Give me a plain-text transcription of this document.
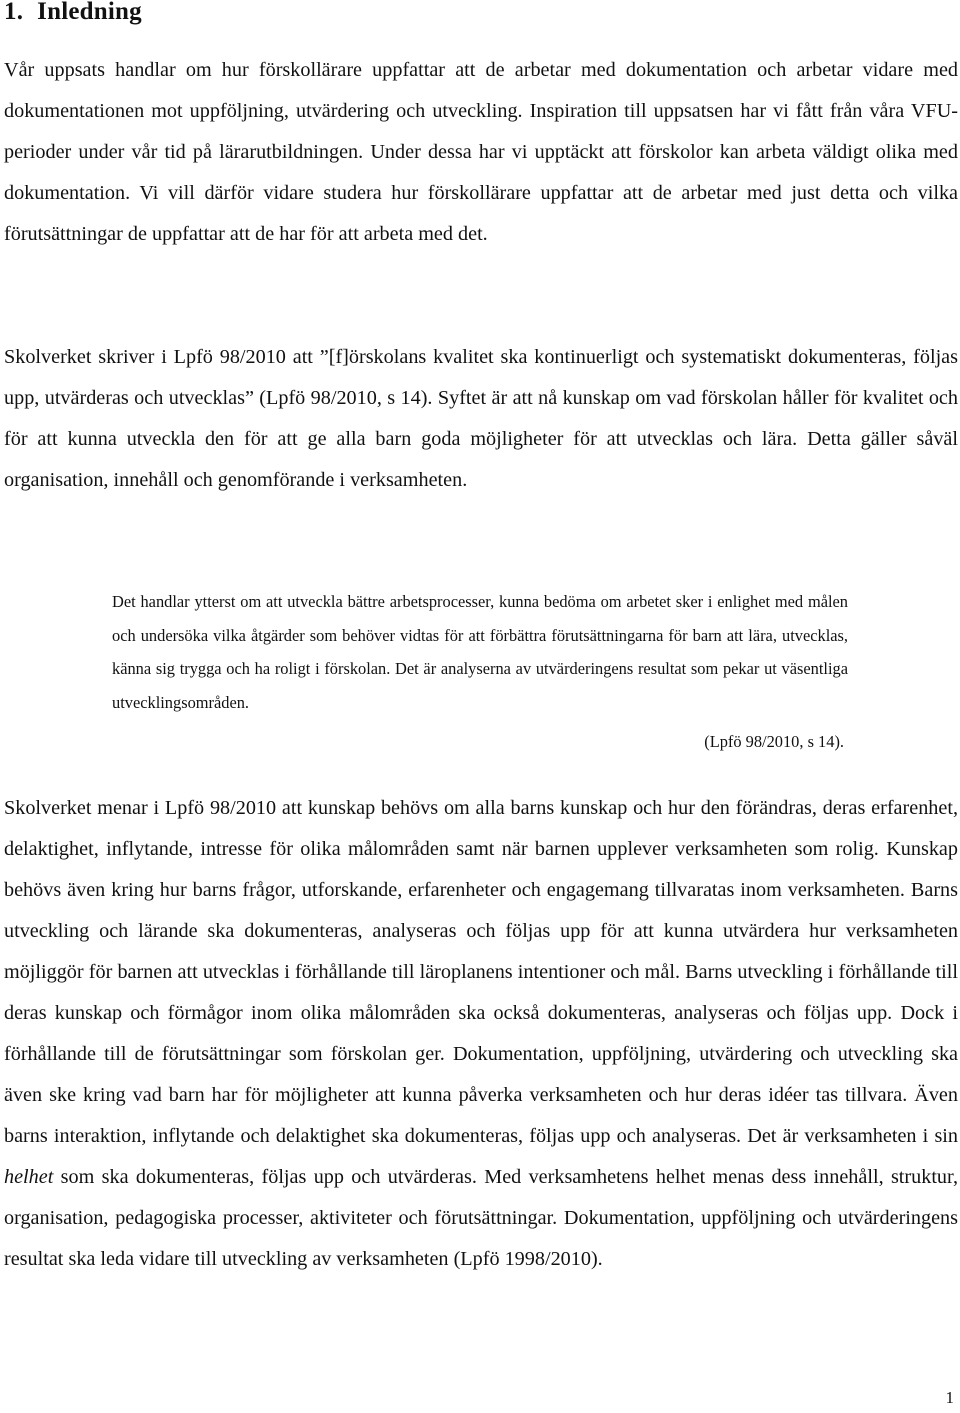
1. Inledning

Vår uppsats handlar om hur förskollärare uppfattar att de arbetar med dokumentation och arbetar vidare med dokumentationen mot uppföljning, utvärdering och utveckling. Inspiration till uppsatsen har vi fått från våra VFU-perioder under vår tid på lärarutbildningen. Under dessa har vi upptäckt att förskolor kan arbeta väldigt olika med dokumentation. Vi vill därför vidare studera hur förskollärare uppfattar att de arbetar med just detta och vilka förutsättningar de uppfattar att de har för att arbeta med det.

Skolverket skriver i Lpfö 98/2010 att ”[f]örskolans kvalitet ska kontinuerligt och systematiskt dokumenteras, följas upp, utvärderas och utvecklas” (Lpfö 98/2010, s 14). Syftet är att nå kunskap om vad förskolan håller för kvalitet och för att kunna utveckla den för att ge alla barn goda möjligheter för att utvecklas och lära. Detta gäller såväl organisation, innehåll och genomförande i verksamheten.

Det handlar ytterst om att utveckla bättre arbetsprocesser, kunna bedöma om arbetet sker i enlighet med målen och undersöka vilka åtgärder som behöver vidtas för att förbättra förutsättningarna för barn att lära, utvecklas, känna sig trygga och ha roligt i förskolan. Det är analyserna av utvärderingens resultat som pekar ut väsentliga utvecklingsområden.

(Lpfö 98/2010, s 14).

Skolverket menar i Lpfö 98/2010 att kunskap behövs om alla barns kunskap och hur den förändras, deras erfarenhet, delaktighet, inflytande, intresse för olika målområden samt när barnen upplever verksamheten som rolig. Kunskap behövs även kring hur barns frågor, utforskande, erfarenheter och engagemang tillvaratas inom verksamheten. Barns utveckling och lärande ska dokumenteras, analyseras och följas upp för att kunna utvärdera hur verksamheten möjliggör för barnen att utvecklas i förhållande till läroplanens intentioner och mål. Barns utveckling i förhållande till deras kunskap och förmågor inom olika målområden ska också dokumenteras, analyseras och följas upp. Dock i förhållande till de förutsättningar som förskolan ger. Dokumentation, uppföljning, utvärdering och utveckling ska även ske kring vad barn har för möjligheter att kunna påverka verksamheten och hur deras idéer tas tillvara. Även barns interaktion, inflytande och delaktighet ska dokumenteras, följas upp och analyseras. Det är verksamheten i sin helhet som ska dokumenteras, följas upp och utvärderas. Med verksamhetens helhet menas dess innehåll, struktur, organisation, pedagogiska processer, aktiviteter och förutsättningar. Dokumentation, uppföljning och utvärderingens resultat ska leda vidare till utveckling av verksamheten (Lpfö 1998/2010).

1
